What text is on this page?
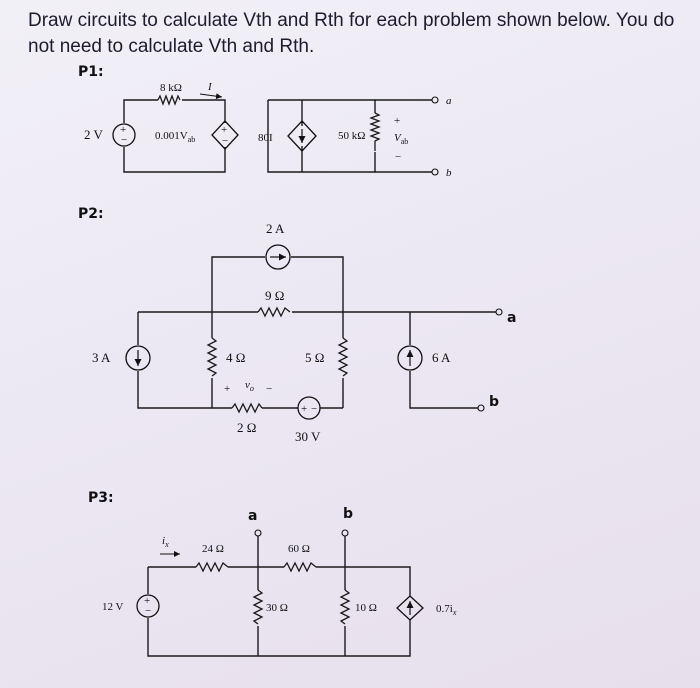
Draw circuits to calculate Vth and Rth for each problem shown below. You do not need to calculate Vth and Rth.
P1:
8 kΩ I
+
−
2 V	+
−
$0.001V_{ab}$	80I	50 kΩ
+
$V_{ab}$
−
a
b
P2:
2 A
9 Ω
3 A	4 Ω	5 Ω
+ −
2 Ω
30 V
+ $v_o$ −
6 A
a
b
P3:
a	b
24 Ω	60 Ω
$i_x$
+
−
12 V	30 Ω	10 Ω	$0.7i_x$
